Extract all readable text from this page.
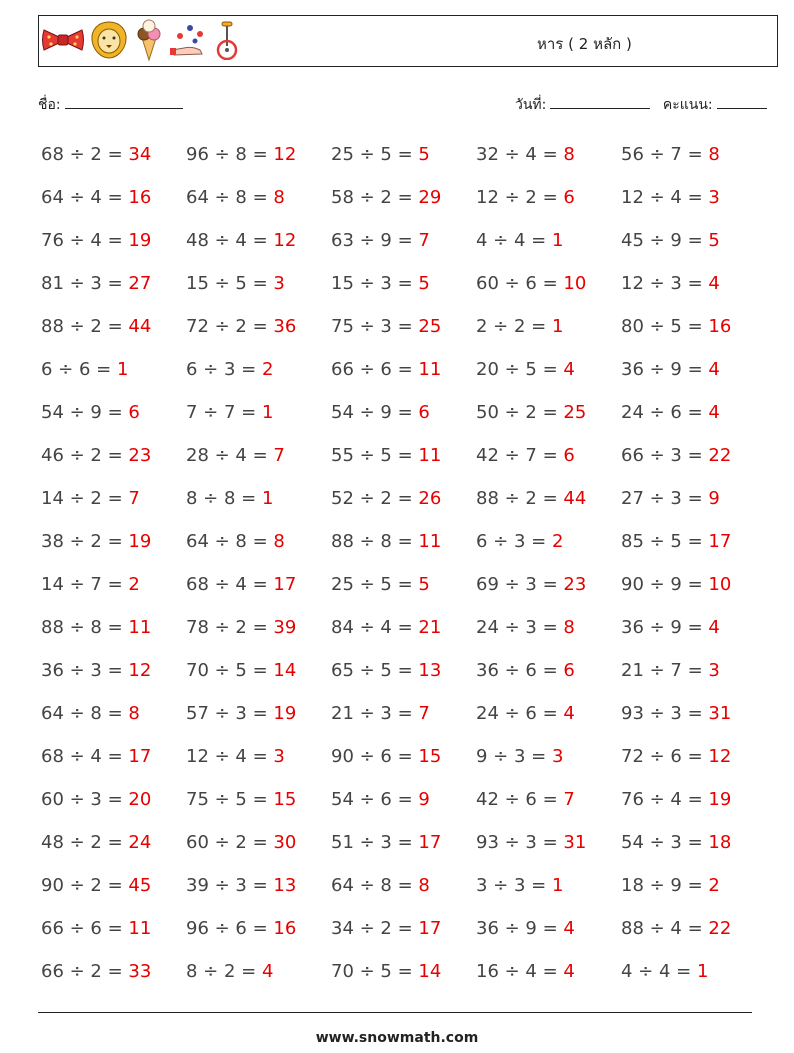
หาร ( 2 หลัก )
ชื่อ:	วันที่:	คะแนน:
68 ÷ 2 = 34	96 ÷ 8 = 12	25 ÷ 5 = 5	32 ÷ 4 = 8	56 ÷ 7 = 8
64 ÷ 4 = 16	64 ÷ 8 = 8	58 ÷ 2 = 29	12 ÷ 2 = 6	12 ÷ 4 = 3
76 ÷ 4 = 19	48 ÷ 4 = 12	63 ÷ 9 = 7	4 ÷ 4 = 1	45 ÷ 9 = 5
81 ÷ 3 = 27	15 ÷ 5 = 3	15 ÷ 3 = 5	60 ÷ 6 = 10	12 ÷ 3 = 4
88 ÷ 2 = 44	72 ÷ 2 = 36	75 ÷ 3 = 25	2 ÷ 2 = 1	80 ÷ 5 = 16
6 ÷ 6 = 1	6 ÷ 3 = 2	66 ÷ 6 = 11	20 ÷ 5 = 4	36 ÷ 9 = 4
54 ÷ 9 = 6	7 ÷ 7 = 1	54 ÷ 9 = 6	50 ÷ 2 = 25	24 ÷ 6 = 4
46 ÷ 2 = 23	28 ÷ 4 = 7	55 ÷ 5 = 11	42 ÷ 7 = 6	66 ÷ 3 = 22
14 ÷ 2 = 7	8 ÷ 8 = 1	52 ÷ 2 = 26	88 ÷ 2 = 44	27 ÷ 3 = 9
38 ÷ 2 = 19	64 ÷ 8 = 8	88 ÷ 8 = 11	6 ÷ 3 = 2	85 ÷ 5 = 17
14 ÷ 7 = 2	68 ÷ 4 = 17	25 ÷ 5 = 5	69 ÷ 3 = 23	90 ÷ 9 = 10
88 ÷ 8 = 11	78 ÷ 2 = 39	84 ÷ 4 = 21	24 ÷ 3 = 8	36 ÷ 9 = 4
36 ÷ 3 = 12	70 ÷ 5 = 14	65 ÷ 5 = 13	36 ÷ 6 = 6	21 ÷ 7 = 3
64 ÷ 8 = 8	57 ÷ 3 = 19	21 ÷ 3 = 7	24 ÷ 6 = 4	93 ÷ 3 = 31
68 ÷ 4 = 17	12 ÷ 4 = 3	90 ÷ 6 = 15	9 ÷ 3 = 3	72 ÷ 6 = 12
60 ÷ 3 = 20	75 ÷ 5 = 15	54 ÷ 6 = 9	42 ÷ 6 = 7	76 ÷ 4 = 19
48 ÷ 2 = 24	60 ÷ 2 = 30	51 ÷ 3 = 17	93 ÷ 3 = 31	54 ÷ 3 = 18
90 ÷ 2 = 45	39 ÷ 3 = 13	64 ÷ 8 = 8	3 ÷ 3 = 1	18 ÷ 9 = 2
66 ÷ 6 = 11	96 ÷ 6 = 16	34 ÷ 2 = 17	36 ÷ 9 = 4	88 ÷ 4 = 22
66 ÷ 2 = 33	8 ÷ 2 = 4	70 ÷ 5 = 14	16 ÷ 4 = 4	4 ÷ 4 = 1
www.snowmath.com
